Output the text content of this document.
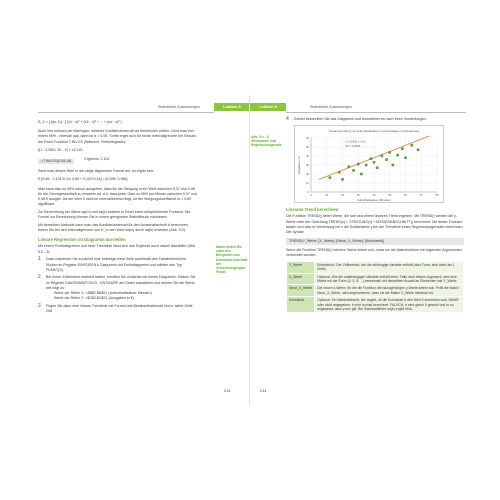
Statistische Auswertungen	Lektion 5
S_X = (1/(n-1)) · [ (x1 - x)² + (x2 - x)² + ... + (xn - x)² ]
Auch hier müssen wir überlegen, welches Konfidenzintervall wir bestimmen wollen. Geht man von einem 95% - Intervall aus, dann ist α = 0.05. Somit ergibt sich für beide Intervallgrenzen bei Einsatz der Excel-Funktion T.INV.2S (Wahrsch; Freiheitsgrade):
t(1 - 0,05/2; 20 - 2) = ±2,101
=T.INV.2S(0,05;18)	Ergebnis: 2,101
Setzt man diesen Wert in die obige allgemeine Formel ein, so ergibt sich:
K [0,69 - 2,101*0,14; 0,69 + 2,101*0,14] = [0,396; 0,984]
Man kann also zu 95% davon ausgehen, dass für die Steigung m ein Wert zwischen 0,37 und 0,98 für die Grundgesamtheit zu erwarten ist, d.h. dass jeder Gast zu 95% pro Minute zwischen 0,37 und 0,98 € ausgibt. Da der Wert 0 nicht im Intervallbereich liegt, ist der Steigungskoeffizient m = 0,69 signifikant.
Zur Berechnung der Werte sa(m) und sa(b) existiert in Excel keine entsprechende Funktion. Die Formel zur Berechnung können Sie in einem geeigneten Statistikbuch nachlesen.
Mit derselben Methode kann man das Konfidenzintervall für den Achsenabschnitt b berechnen, indem Sie bei den Intervallgrenzen von K_m den Wert sa(m) durch sa(b) ersetzen (Abb. 5.0).
Lineare Regression im Diagramm darstellen
Mit einem Punktdiagramm und einer Trendlinie lässt sich das Ergebnis auch visuell darstellen (Abb. 5.0 - 3):
1	Dazu markieren Sie zunächst eine beliebige leere Zelle außerhalb des Tabellenbereichs. Klicken im Register EINFÜGEN ▸ Diagramm auf Punktdiagramm und wählen den Typ PUNKT(X).
2	Bei Ihrem Zellbereich markiert haben, erhalten Sie zunächst ein leeres Diagramm. Klicken Sie im Register DIAGRAMMTOOLS - ENTWURF auf Daten auswählen und ordnen Sie die Werte wie folgt zu:
Werte der Reihe X: =$B$2:$B$21 (Aufenthaltsdauer Minuten)
Werte der Reihe Y: =$C$2:$C$21 (Ausgaben in €)
3	Fügen Sie dann eine lineare Trendlinie mit Formel und Bestimmtheitsmaß hinzu, siehe Seite 208.
Daten finden Sie unter den Beispielen zum Download innerhalb der Verzeichnisgruppe Fonds
213
Lektion 5	Statistische Auswertungen
Abb. 5.x - 3 Wertepaare und Regressionsgerade
4	Zuletzt beschriften Sie das Diagramm und formatieren es nach Ihren Vorstellungen.
0	10	20	30	40	50	60	70	80
0
10
20
30
40
50
60
Zusammenhang von Aufenthaltsdauer und Ausgaben im Restaurant
Aufenthaltsdauer (Minuten)
Ausgaben in €
y = 0,69x + 10,5
R² = 0,6383
Linearen Trend berechnen
Die Funktion TREND() liefert Werte, die sich aus einem linearen Trend ergeben. Mit TREND() werden die y-Werte nach der Gleichung TREND(x) = STEIGUNG(x) * ACHSENABSCHNITT() berechnet. Mit dieser Funktion lassen sich also in Verbindung mit x die Schätzwerte y bei der Trendlinie eines Regressionsgeraden berechnen. Die Syntax:
TREND(Y_Werte; [X_Werte]; [Neue_X_Werte]; [Konstante])
Wenn die Funktion TREND() mehrere Werte liefern soll, muss sie als Matrixfunktion mit folgenden Argumenten verwendet werden:
Y_Werte	Erforderlich. Der Zellbereich, der die abhängige Variable enthält (also Form, also mehr als 1 Zeile).
X_Werte	Optional. Wie die unabhängigen Variable enthält einer. Falls nicht dieses Argument, wird eine Matrix mit der Form (1; 2; 3; ...) verwendet, mit denselben Anzahl an Elementen wie Y_Werte.
Neue_X_Werte	Die neuen x-Werte, für die die Funktion die dazugehörigen y-Werte liefern soll. Fehlt die Matrix Neue_X_Werte, wird angenommen, dass sie die Matrix X_Werte identisch ist.
Konstante	Optional. Ein Wahrheitswert, der angibt, ob die Konstante b den Wert 0 annehmen soll. WAHR oder nicht angegeben: b wird normal berechnet. FALSCH: b wird gleich 0 gesetzt und m so angepasst, dass y=mx gilt. Bei Standardfehler sa(b) ergibt #NA.
214
